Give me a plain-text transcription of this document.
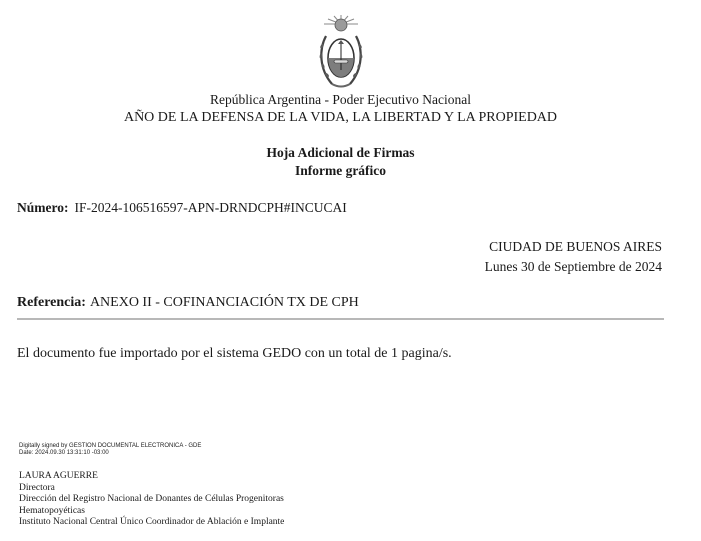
República Argentina - Poder Ejecutivo Nacional
AÑO DE LA DEFENSA DE LA VIDA, LA LIBERTAD Y LA PROPIEDAD
Hoja Adicional de Firmas
Informe gráfico
Número: IF-2024-106516597-APN-DRNDCPH#INCUCAI
CIUDAD DE BUENOS AIRES
Lunes 30 de Septiembre de 2024
Referencia: ANEXO II - COFINANCIACIÓN TX DE CPH
El documento fue importado por el sistema GEDO con un total de 1 pagina/s.
Digitally signed by GESTION DOCUMENTAL ELECTRONICA - GDE
Date: 2024.09.30 13:31:10 -03:00
LAURA AGUERRE
Directora
Dirección del Registro Nacional de Donantes de Células Progenitoras
Hematopoyéticas
Instituto Nacional Central Único Coordinador de Ablación e Implante
